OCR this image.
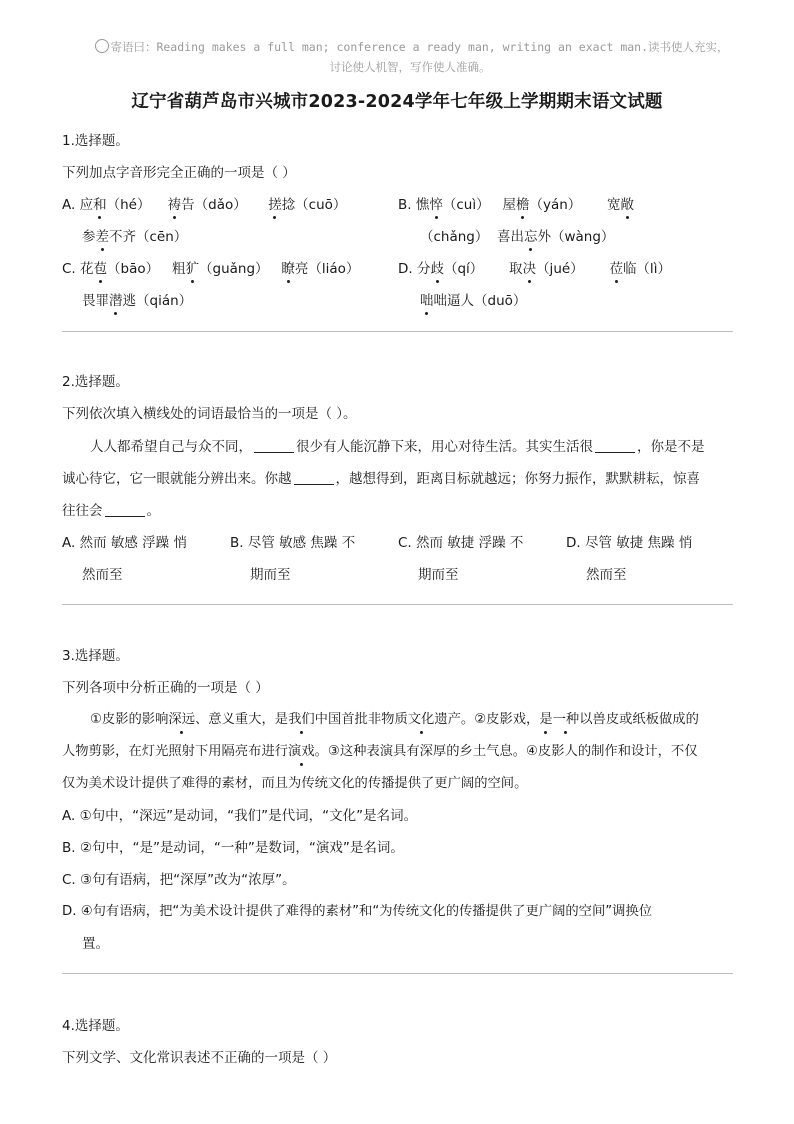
寄语曰：Reading makes a full man; conference a ready man, writing an exact man.读书使人充实，
讨论使人机智，写作使人准确。
辽宁省葫芦岛市兴城市2023-2024学年七年级上学期期末语文试题
1.选择题。
下列加点字音形完全正确的一项是（ ）
A. 应和（hé）    祷告（dǎo）     搓捻（cuō）
参差不齐（cēn）
B. 憔悴（cuì）   屋檐（yán）      宽敞
（chǎng）  喜出忘外（wàng）
C. 花苞（bāo）   粗犷（guǎng）   瞭亮（liáo）
畏罪潜逃（qián）
D. 分歧（qí）      取决（jué）      莅临（lì）
咄咄逼人（duō）
2.选择题。
下列依次填入横线处的词语最恰当的一项是（ ）。
人人都希望自己与众不同，	很少有人能沉静下来，用心对待生活。其实生活很	，你是不是
诚心待它，它一眼就能分辨出来。你越	，越想得到，距离目标就越远；你努力振作，默默耕耘，惊喜
往往会	。
A. 然而 敏感 浮躁 悄
然而至
B. 尽管 敏感 焦躁 不
期而至
C. 然而 敏捷 浮躁 不
期而至
D. 尽管 敏捷 焦躁 悄
然而至
3.选择题。
下列各项中分析正确的一项是（ ）
①皮影的影响深远、意义重大，是我们中国首批非物质文化遗产。②皮影戏，是一种以兽皮或纸板做成的
人物剪影，在灯光照射下用隔亮布进行演戏。③这种表演具有深厚的乡土气息。④皮影人的制作和设计，不仅
仅为美术设计提供了难得的素材，而且为传统文化的传播提供了更广阔的空间。
A. ①句中，“深远”是动词，“我们”是代词，“文化”是名词。
B. ②句中，“是”是动词，“一种”是数词，“演戏”是名词。
C. ③句有语病，把“深厚”改为“浓厚”。
D. ④句有语病，把“为美术设计提供了难得的素材”和“为传统文化的传播提供了更广阔的空间”调换位
置。
4.选择题。
下列文学、文化常识表述不正确的一项是（ ）
